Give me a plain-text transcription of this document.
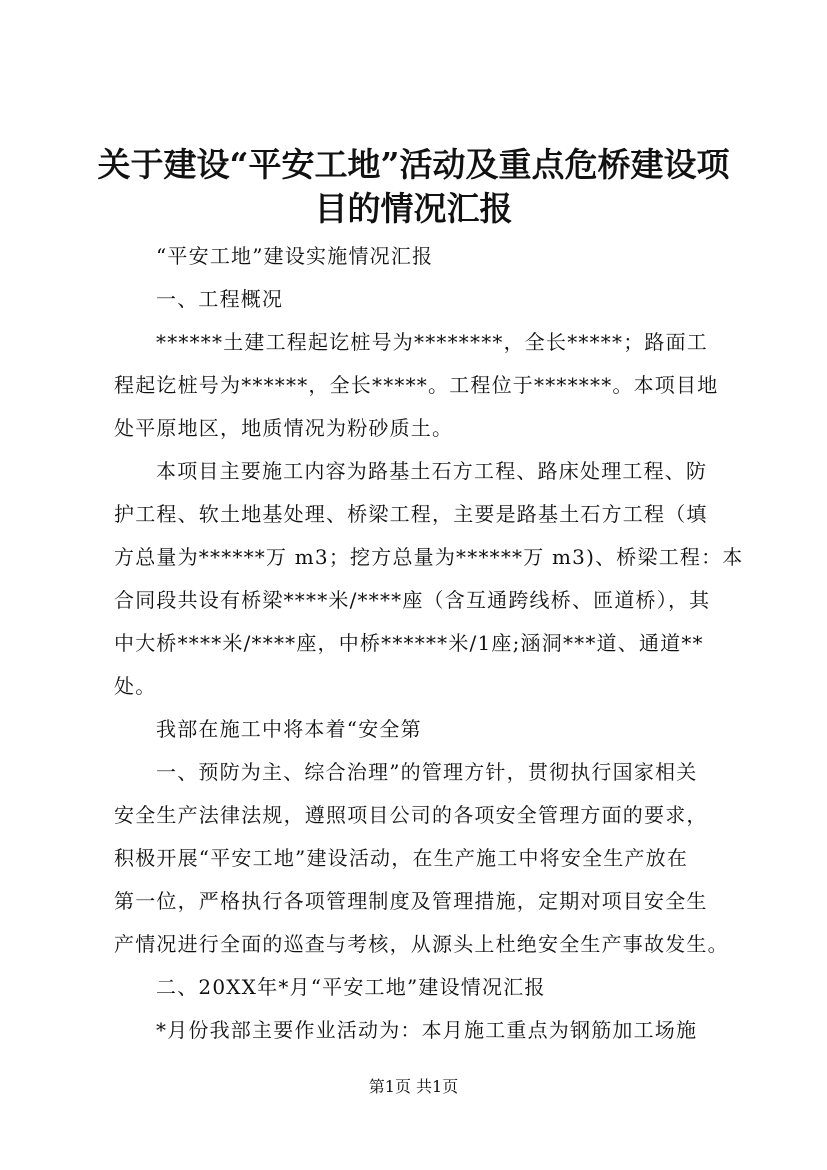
关于建设“平安工地”活动及重点危桥建设项
目的情况汇报
“平安工地”建设实施情况汇报
一、工程概况
******土建工程起讫桩号为********，全长*****；路面工
程起讫桩号为******，全长*****。工程位于*******。本项目地
处平原地区，地质情况为粉砂质土。
本项目主要施工内容为路基土石方工程、路床处理工程、防
护工程、软土地基处理、桥梁工程，主要是路基土石方工程（填
方总量为******万 m3；挖方总量为******万 m3)、桥梁工程：本
合同段共设有桥梁****米/****座（含互通跨线桥、匝道桥），其
中大桥****米/****座，中桥******米/1座;涵洞***道、通道**
处。
我部在施工中将本着“安全第
一、预防为主、综合治理”的管理方针，贯彻执行国家相关
安全生产法律法规，遵照项目公司的各项安全管理方面的要求，
积极开展“平安工地”建设活动，在生产施工中将安全生产放在
第一位，严格执行各项管理制度及管理措施，定期对项目安全生
产情况进行全面的巡查与考核，从源头上杜绝安全生产事故发生。
二、20XX年*月“平安工地”建设情况汇报
*月份我部主要作业活动为：本月施工重点为钢筋加工场施
第1页 共1页
